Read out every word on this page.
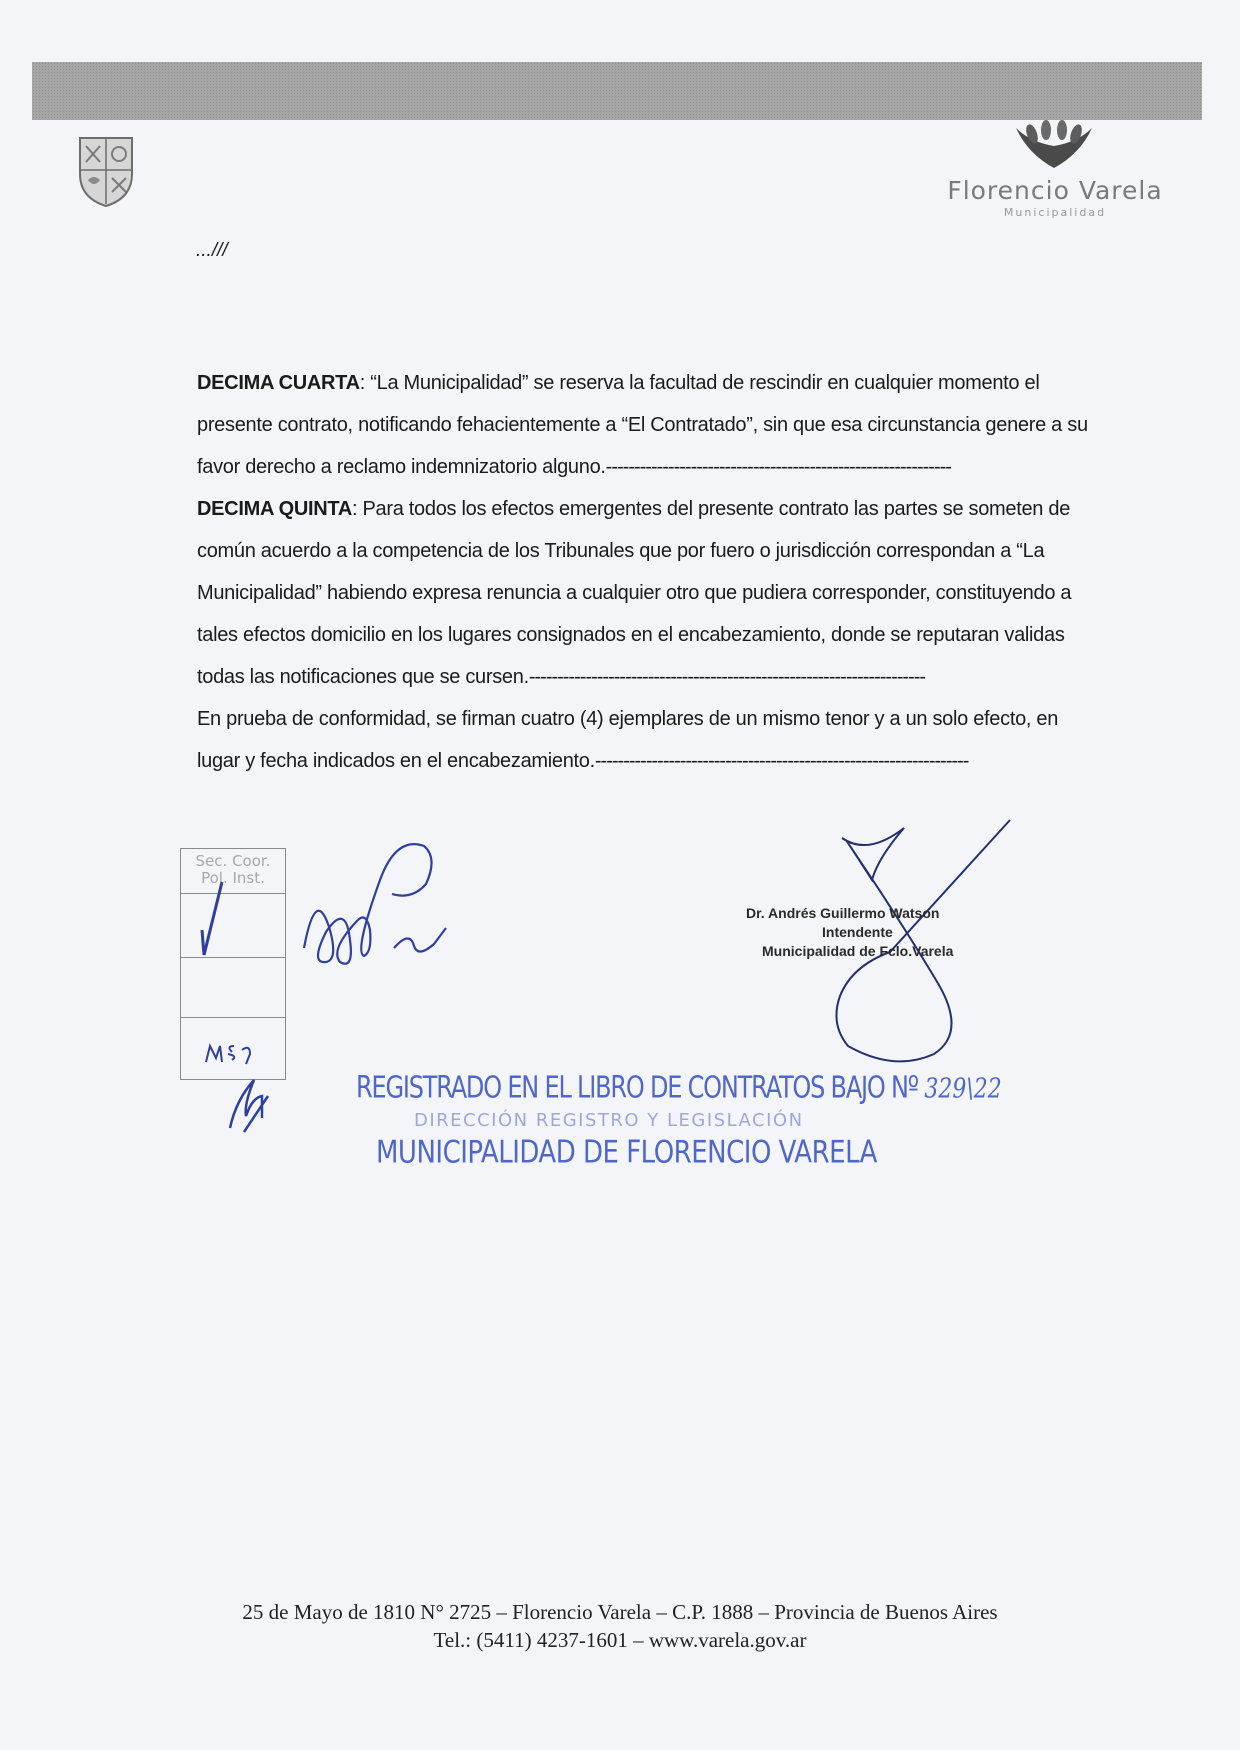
Florencio Varela
Municipalidad
...///

DECIMA CUARTA: “La Municipalidad” se reserva la facultad de rescindir en cualquier momento el presente contrato, notificando fehacientemente a “El Contratado”, sin que esa circunstancia genere a su favor derecho a reclamo indemnizatorio alguno.-------------------------------------------------------------

DECIMA QUINTA: Para todos los efectos emergentes del presente contrato las partes se someten de común acuerdo a la competencia de los Tribunales que por fuero o jurisdicción correspondan a “La Municipalidad” habiendo expresa renuncia a cualquier otro que pudiera corresponder, constituyendo a tales efectos domicilio en los lugares consignados en el encabezamiento, donde se reputaran validas todas las notificaciones que se cursen.----------------------------------------------------------------------

En prueba de conformidad, se firman cuatro (4) ejemplares de un mismo tenor y a un solo efecto, en lugar y fecha indicados en el encabezamiento.------------------------------------------------------------------

Sec. Coor. Pol. Inst.
Dr. Andrés Guillermo Watson
Intendente
Municipalidad de Fclo.Varela
REGISTRADO EN EL LIBRO DE CONTRATOS BAJO Nº 329\22
DIRECCIÓN REGISTRO Y LEGISLACIÓN
MUNICIPALIDAD DE FLORENCIO VARELA
25 de Mayo de 1810 N° 2725 – Florencio Varela – C.P. 1888 – Provincia de Buenos Aires
Tel.: (5411) 4237-1601 – www.varela.gov.ar
